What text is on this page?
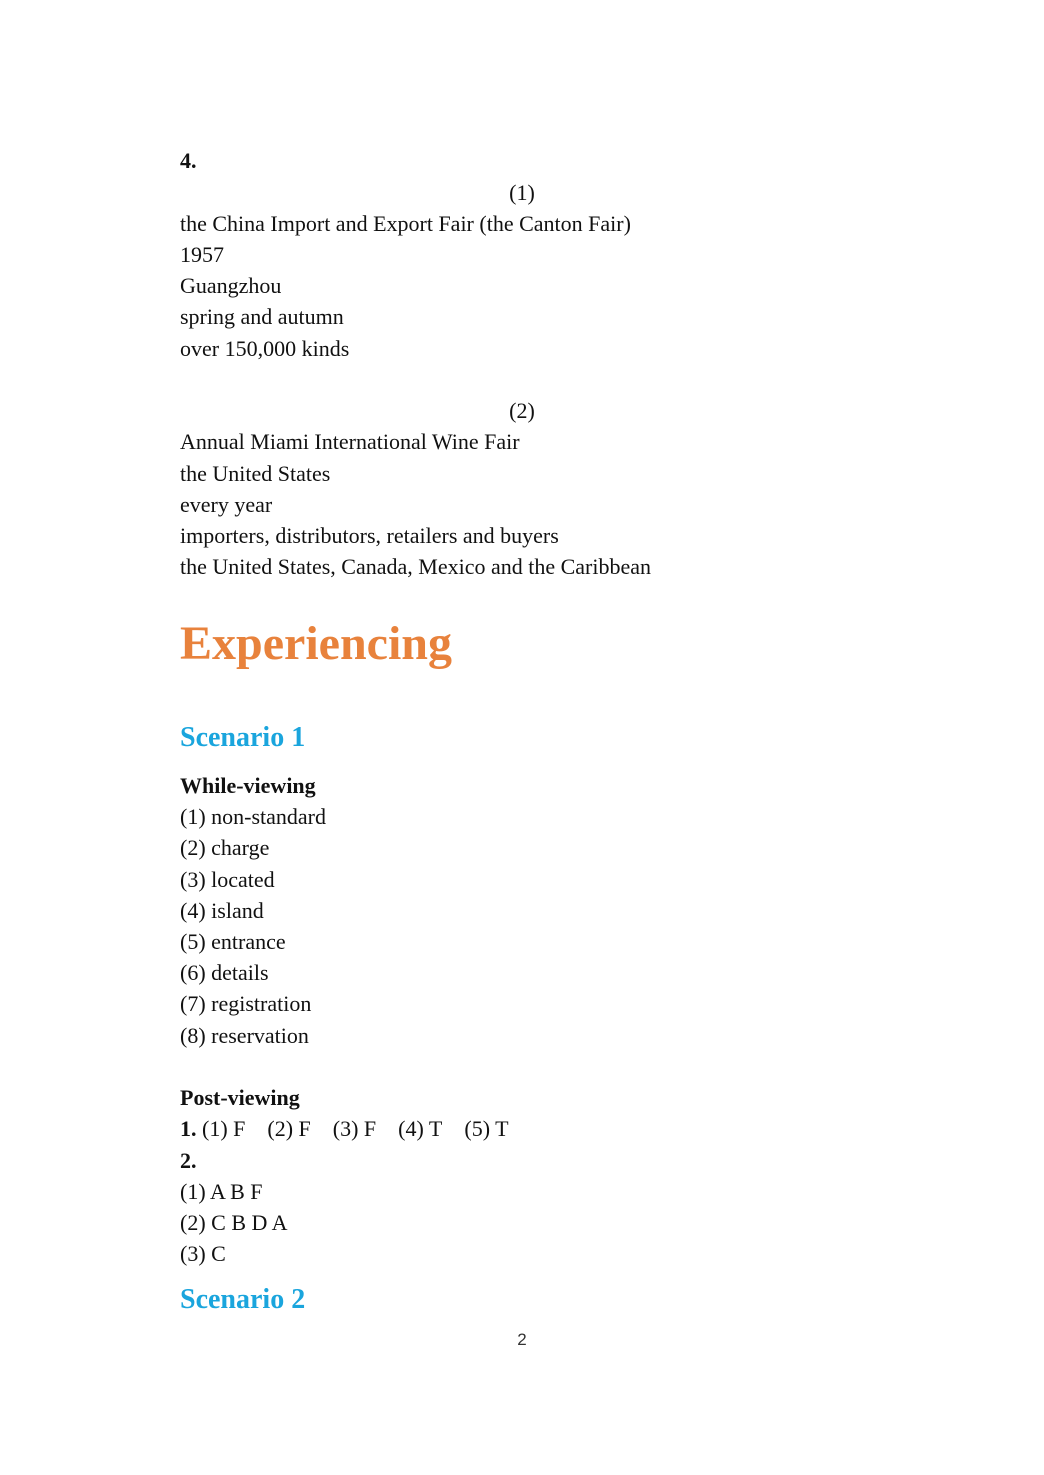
4.
(1)
the China Import and Export Fair (the Canton Fair)
1957
Guangzhou
spring and autumn
over 150,000 kinds
(2)
Annual Miami International Wine Fair
the United States
every year
importers, distributors, retailers and buyers
the United States, Canada, Mexico and the Caribbean
Experiencing
Scenario 1
While-viewing
(1) non-standard
(2) charge
(3) located
(4) island
(5) entrance
(6) details
(7) registration
(8) reservation
Post-viewing
1. (1) F (2) F (3) F (4) T (5) T
2.
(1) A B F
(2) C B D A
(3) C
Scenario 2
2
